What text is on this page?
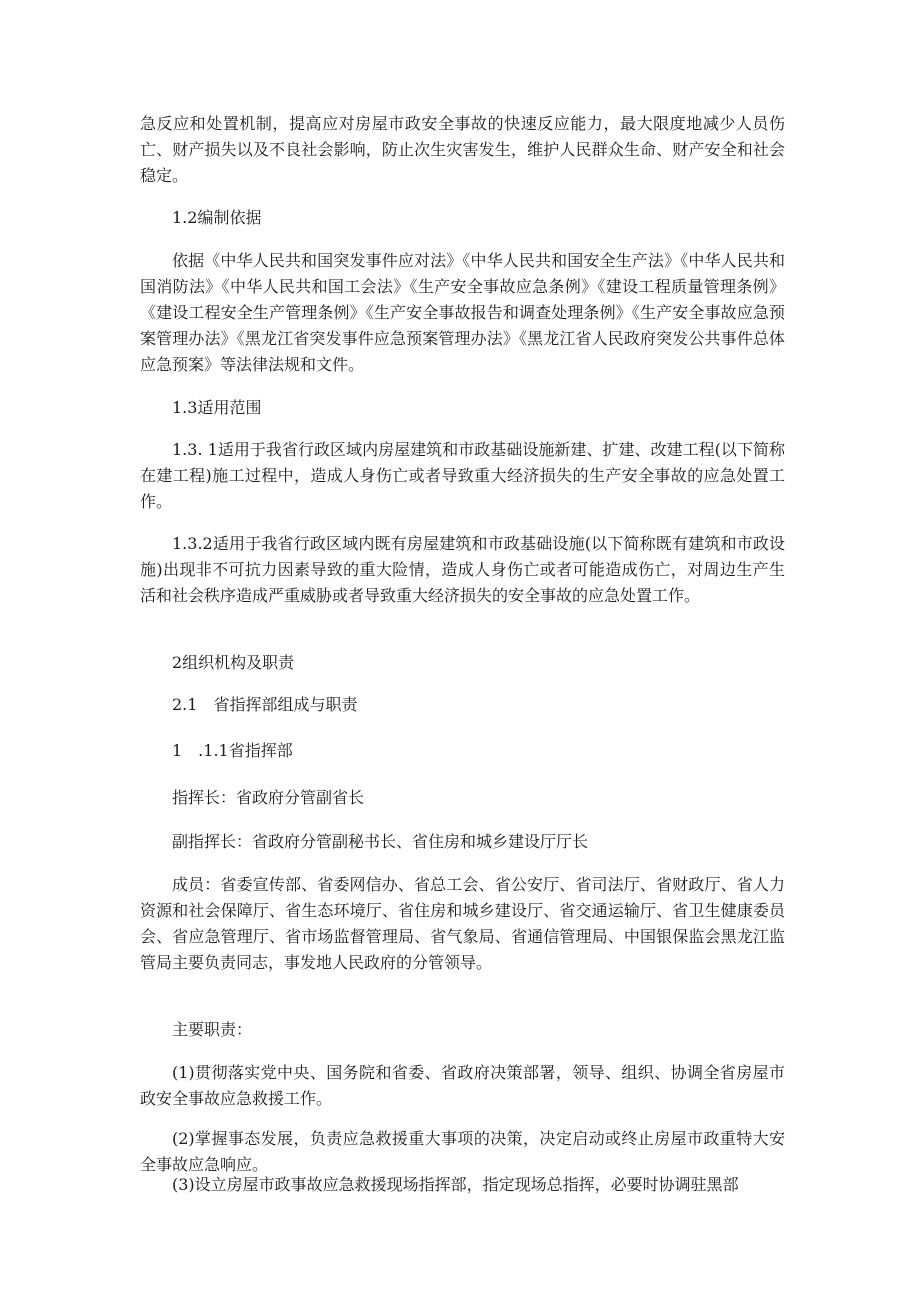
急反应和处置机制，提高应对房屋市政安全事故的快速反应能力，最大限度地减少人员伤亡、财产损失以及不良社会影响，防止次生灾害发生，维护人民群众生命、财产安全和社会稳定。

1.2编制依据

依据《中华人民共和国突发事件应对法》《中华人民共和国安全生产法》《中华人民共和国消防法》《中华人民共和国工会法》《生产安全事故应急条例》《建设工程质量管理条例》《建设工程安全生产管理条例》《生产安全事故报告和调查处理条例》《生产安全事故应急预案管理办法》《黑龙江省突发事件应急预案管理办法》《黑龙江省人民政府突发公共事件总体应急预案》等法律法规和文件。

1.3适用范围

1.3. 1适用于我省行政区域内房屋建筑和市政基础设施新建、扩建、改建工程(以下简称在建工程)施工过程中，造成人身伤亡或者导致重大经济损失的生产安全事故的应急处置工作。

1.3.2适用于我省行政区域内既有房屋建筑和市政基础设施(以下简称既有建筑和市政设施)出现非不可抗力因素导致的重大险情，造成人身伤亡或者可能造成伤亡，对周边生产生活和社会秩序造成严重威胁或者导致重大经济损失的安全事故的应急处置工作。

2组织机构及职责

2.1　省指挥部组成与职责

1　.1.1省指挥部

指挥长：省政府分管副省长

副指挥长：省政府分管副秘书长、省住房和城乡建设厅厅长

成员：省委宣传部、省委网信办、省总工会、省公安厅、省司法厅、省财政厅、省人力资源和社会保障厅、省生态环境厅、省住房和城乡建设厅、省交通运输厅、省卫生健康委员会、省应急管理厅、省市场监督管理局、省气象局、省通信管理局、中国银保监会黑龙江监管局主要负责同志，事发地人民政府的分管领导。

主要职责：

(1)贯彻落实党中央、国务院和省委、省政府决策部署，领导、组织、协调全省房屋市政安全事故应急救援工作。

(2)掌握事态发展，负责应急救援重大事项的决策，决定启动或终止房屋市政重特大安全事故应急响应。

(3)设立房屋市政事故应急救援现场指挥部，指定现场总指挥，必要时协调驻黑部
